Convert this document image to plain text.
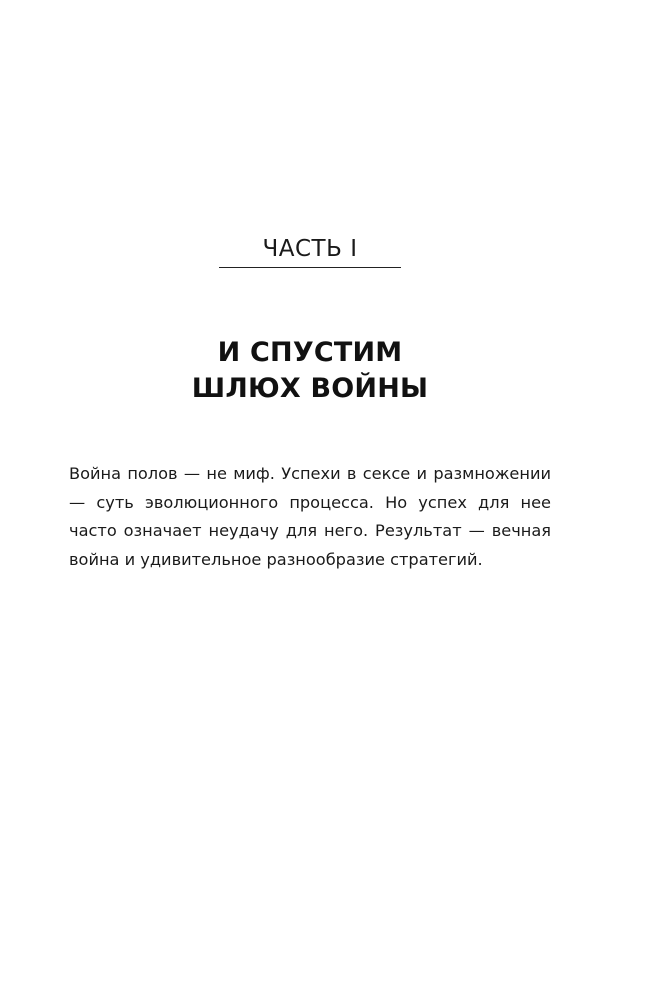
ЧАСТЬ I
И СПУСТИМ
ШЛЮХ ВОЙНЫ

Война полов — не миф. Успехи в сексе и размножении — суть эволюционного процесса. Но успех для нее часто означает неудачу для него. Результат — вечная война и удивительное разнообразие стратегий.
